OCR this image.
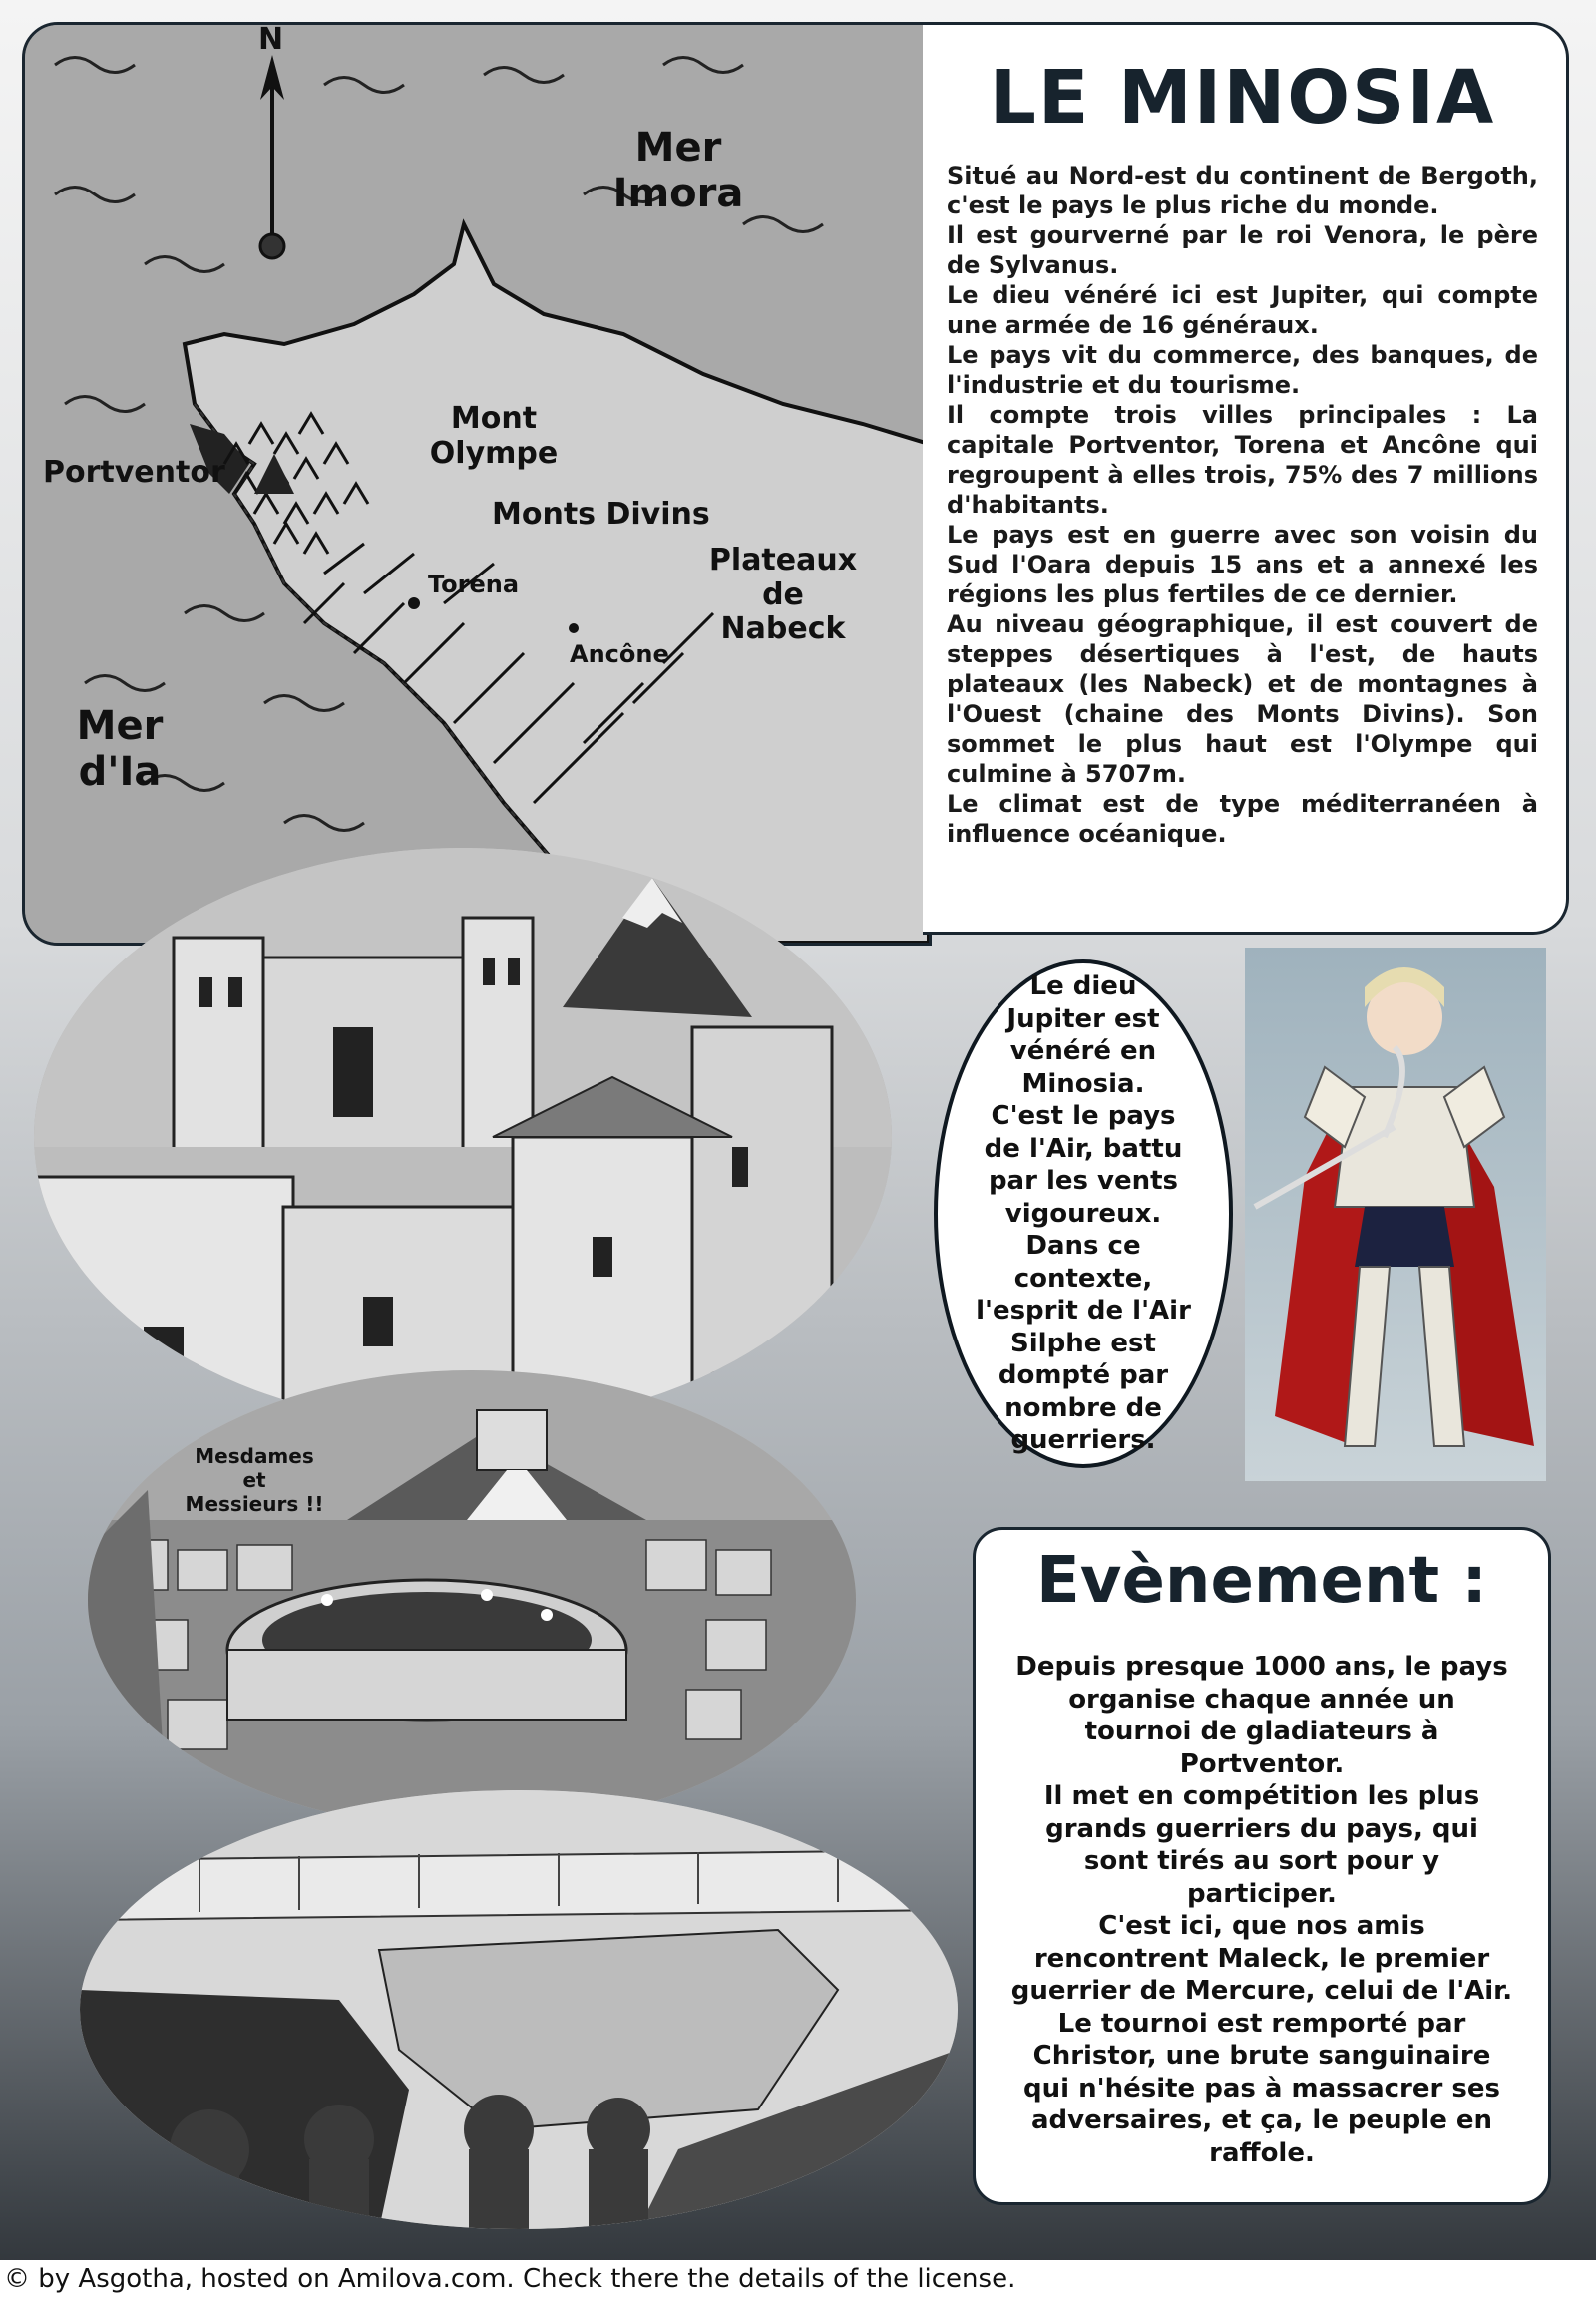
N
Mer
Imora
Mont
Olympe
Portventor
Monts Divins
Plateaux
de
Nabeck
Torena
Ancône
Mer
d'Ia
LE MINOSIA

Situé au Nord-est du continent de Bergoth, c'est le pays le plus riche du monde.

Il est gourverné par le roi Venora, le père de Sylvanus.

Le dieu vénéré ici est Jupiter, qui compte une armée de 16 généraux.

Le pays vit du commerce, des banques, de l'industrie et du tourisme.

Il compte trois villes principales : La capitale Portventor, Torena et Ancône qui regroupent à elles trois, 75% des 7 millions d'habitants.

Le pays est en guerre avec son voisin du Sud l'Oara depuis 15 ans et a annexé les régions les plus fertiles de ce dernier.

Au niveau géographique, il est couvert de steppes désertiques à l'est, de hauts plateaux (les Nabeck) et de montagnes à l'Ouest (chaine des Monts Divins). Son sommet le plus haut est l'Olympe qui culmine à 5707m.

Le climat est de type méditerranéen à influence océanique.

Mesdames
et
Messieurs !!
Le dieu
Jupiter est
vénéré en
Minosia.
C'est le pays
de l'Air, battu
par les vents
vigoureux.
Dans ce
contexte,
l'esprit de l'Air
Silphe est
dompté par
nombre de
guerriers.
Evènement :

Depuis presque 1000 ans, le pays

organise chaque année un

tournoi de gladiateurs à

Portventor.

Il met en compétition les plus

grands guerriers du pays, qui

sont tirés au sort pour y

participer.

C'est ici, que nos amis

rencontrent Maleck, le premier

guerrier de Mercure, celui de l'Air.

Le tournoi est remporté par

Christor, une brute sanguinaire

qui n'hésite pas à massacrer ses

adversaires, et ça, le peuple en

raffole.

© by Asgotha, hosted on Amilova.com. Check there the details of the license.
